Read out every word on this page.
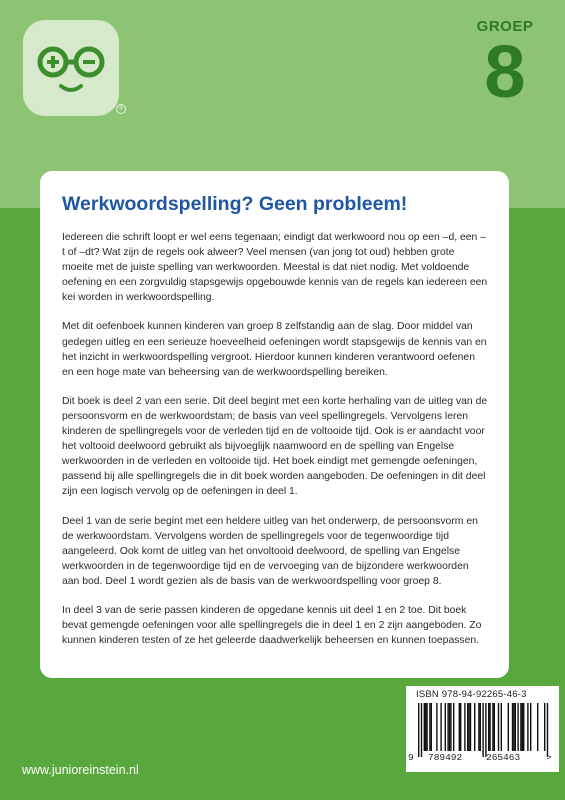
®
GROEP
8
Werkwoordspelling? Geen probleem!

Iedereen die schrift loopt er wel eens tegenaan; eindigt dat werkwoord nou op een –d, een –t of –dt? Wat zijn de regels ook alweer? Veel mensen (van jong tot oud) hebben grote moeite met de juiste spelling van werkwoorden. Meestal is dat niet nodig. Met voldoende oefening en een zorgvuldig stapsgewijs opgebouwde kennis van de regels kan iedereen een kei worden in werkwoordspelling.

Met dit oefenboek kunnen kinderen van groep 8 zelfstandig aan de slag. Door middel van gedegen uitleg en een serieuze hoeveelheid oefeningen wordt stapsgewijs de kennis van en het inzicht in werkwoordspelling vergroot. Hierdoor kunnen kinderen verantwoord oefenen en een hoge mate van beheersing van de werkwoordspelling bereiken.

Dit boek is deel 2 van een serie. Dit deel begint met een korte herhaling van de uitleg van de persoonsvorm en de werkwoordstam; de basis van veel spellingregels. Vervolgens leren kinderen de spellingregels voor de verleden tijd en de voltooide tijd. Ook is er aandacht voor het voltooid deelwoord gebruikt als bijvoeglijk naamwoord en de spelling van Engelse werkwoorden in de verleden en voltooide tijd. Het boek eindigt met gemengde oefeningen, passend bij alle spellingregels die in dit boek worden aangeboden. De oefeningen in dit deel zijn een logisch vervolg op de oefeningen in deel 1.

Deel 1 van de serie begint met een heldere uitleg van het onderwerp, de persoonsvorm en de werkwoordstam. Vervolgens worden de spellingregels voor de tegenwoordige tijd aangeleerd. Ook komt de uitleg van het onvoltooid deelwoord, de spelling van Engelse werkwoorden in de tegenwoordige tijd en de vervoeging van de bijzondere werkwoorden aan bod. Deel 1 wordt gezien als de basis van de werkwoordspelling voor groep 8.

In deel 3 van de serie passen kinderen de opgedane kennis uit deel 1 en 2 toe. Dit boek bevat gemengde oefeningen voor alle spellingregels die in deel 1 en 2 zijn aangeboden. Zo kunnen kinderen testen of ze het geleerde daadwerkelijk beheersen en kunnen toepassen.

ISBN 978-94-92265-46-3
9 789492	265463	>
www.junioreinstein.nl
